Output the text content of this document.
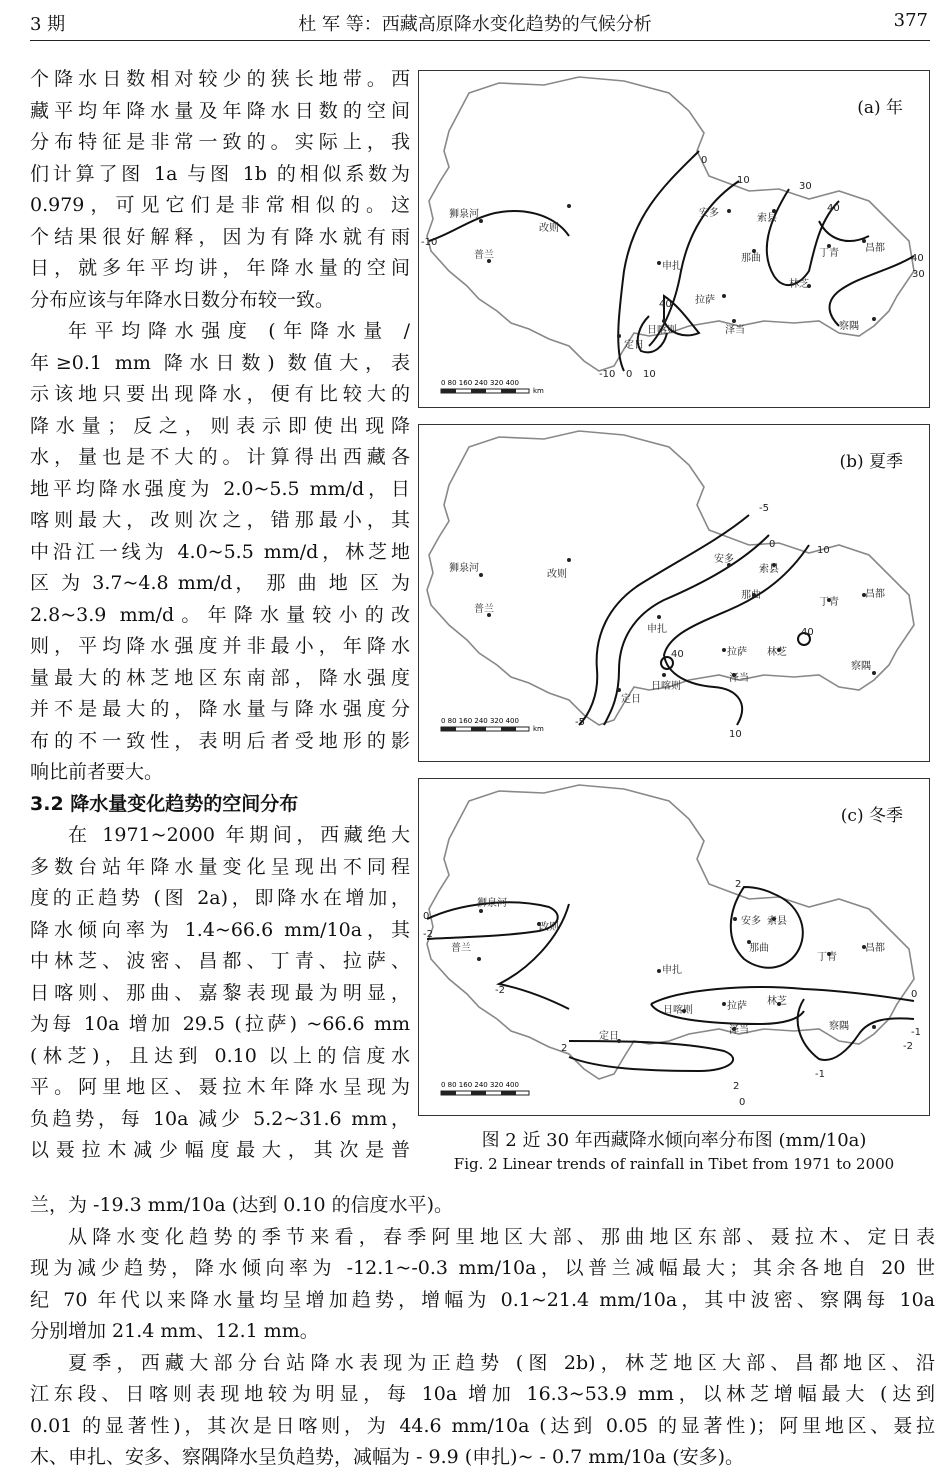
3 期	杜 军 等：西藏高原降水变化趋势的气候分析	377
个降水日数相对较少的狭长地带。西
藏平均年降水量及年降水日数的空间
分布特征是非常一致的。实际上，我
们计算了图 1a 与图 1b 的相似系数为
0.979，可见它们是非常相似的。这
个结果很好解释，因为有降水就有雨
日，就多年平均讲，年降水量的空间
分布应该与年降水日数分布较一致。
年平均降水强度 (年降水量 /
年≥0.1 mm 降水日数) 数值大，表
示该地只要出现降水，便有比较大的
降水量；反之，则表示即使出现降
水，量也是不大的。计算得出西藏各
地平均降水强度为 2.0~5.5 mm/d，日
喀则最大，改则次之，错那最小，其
中沿江一线为 4.0~5.5 mm/d，林芝地
区 为 3.7~4.8 mm/d， 那 曲 地 区 为
2.8~3.9 mm/d。年降水量较小的改
则，平均降水强度并非最小，年降水
量最大的林芝地区东南部，降水强度
并不是最大的，降水量与降水强度分
布的不一致性，表明后者受地形的影
响比前者要大。
3.2 降水量变化趋势的空间分布
在 1971~2000 年期间，西藏绝大
多数台站年降水量变化呈现出不同程
度的正趋势 (图 2a)，即降水在增加，
降水倾向率为 1.4~66.6 mm/10a，其
中林芝、波密、昌都、丁青、拉萨、
日喀则、那曲、嘉黎表现最为明显，
为每 10a 增加 29.5 (拉萨) ~66.6 mm
(林芝)，且达到 0.10 以上的信度水
平。阿里地区、聂拉木年降水呈现为
负趋势，每 10a 减少 5.2~31.6 mm，
以聂拉木减少幅度最大，其次是普
兰，为 -19.3 mm/10a (达到 0.10 的信度水平)。
从降水变化趋势的季节来看，春季阿里地区大部、那曲地区东部、聂拉木、定日表
现为减少趋势，降水倾向率为 -12.1~-0.3 mm/10a，以普兰减幅最大；其余各地自 20 世
纪 70 年代以来降水量均呈增加趋势，增幅为 0.1~21.4 mm/10a，其中波密、察隅每 10a
分别增加 21.4 mm、12.1 mm。
夏季，西藏大部分台站降水表现为正趋势 (图 2b)，林芝地区大部、昌都地区、沿
江东段、日喀则表现地较为明显，每 10a 增加 16.3~53.9 mm，以林芝增幅最大 (达到
0.01 的显著性)，其次是日喀则，为 44.6 mm/10a (达到 0.05 的显著性)；阿里地区、聂拉
木、申扎、安多、察隅降水呈负趋势，减幅为 - 9.9 (申扎)~ - 0.7 mm/10a (安多)。
(a) 年
狮泉河
改则
普兰
安多	索县
那曲	丁青	昌都
申扎
林芝
拉萨
日喀则	泽当
定日
察隅
0
10
30
40
40
30
-10
40
-10 0 10
0 80 160 240 320 400
km
(b) 夏季
狮泉河
改则
普兰
安多
索县
那曲
丁青
昌都
申扎
拉萨 林芝
日喀则
泽当
定日
察隅
-5
0
10
40
40
-5
10
0 80 160 240 320 400
km
(c) 冬季
狮泉河
改则
普兰
安多 索县
那曲
丁青
昌都
申扎
日喀则	拉萨 林芝
泽当	察隅
定日
0
-2
-2
2
0
-1
-2
-1
2
2
0
0 80 160 240 320 400
图 2 近 30 年西藏降水倾向率分布图 (mm/10a)
Fig. 2 Linear trends of rainfall in Tibet from 1971 to 2000
